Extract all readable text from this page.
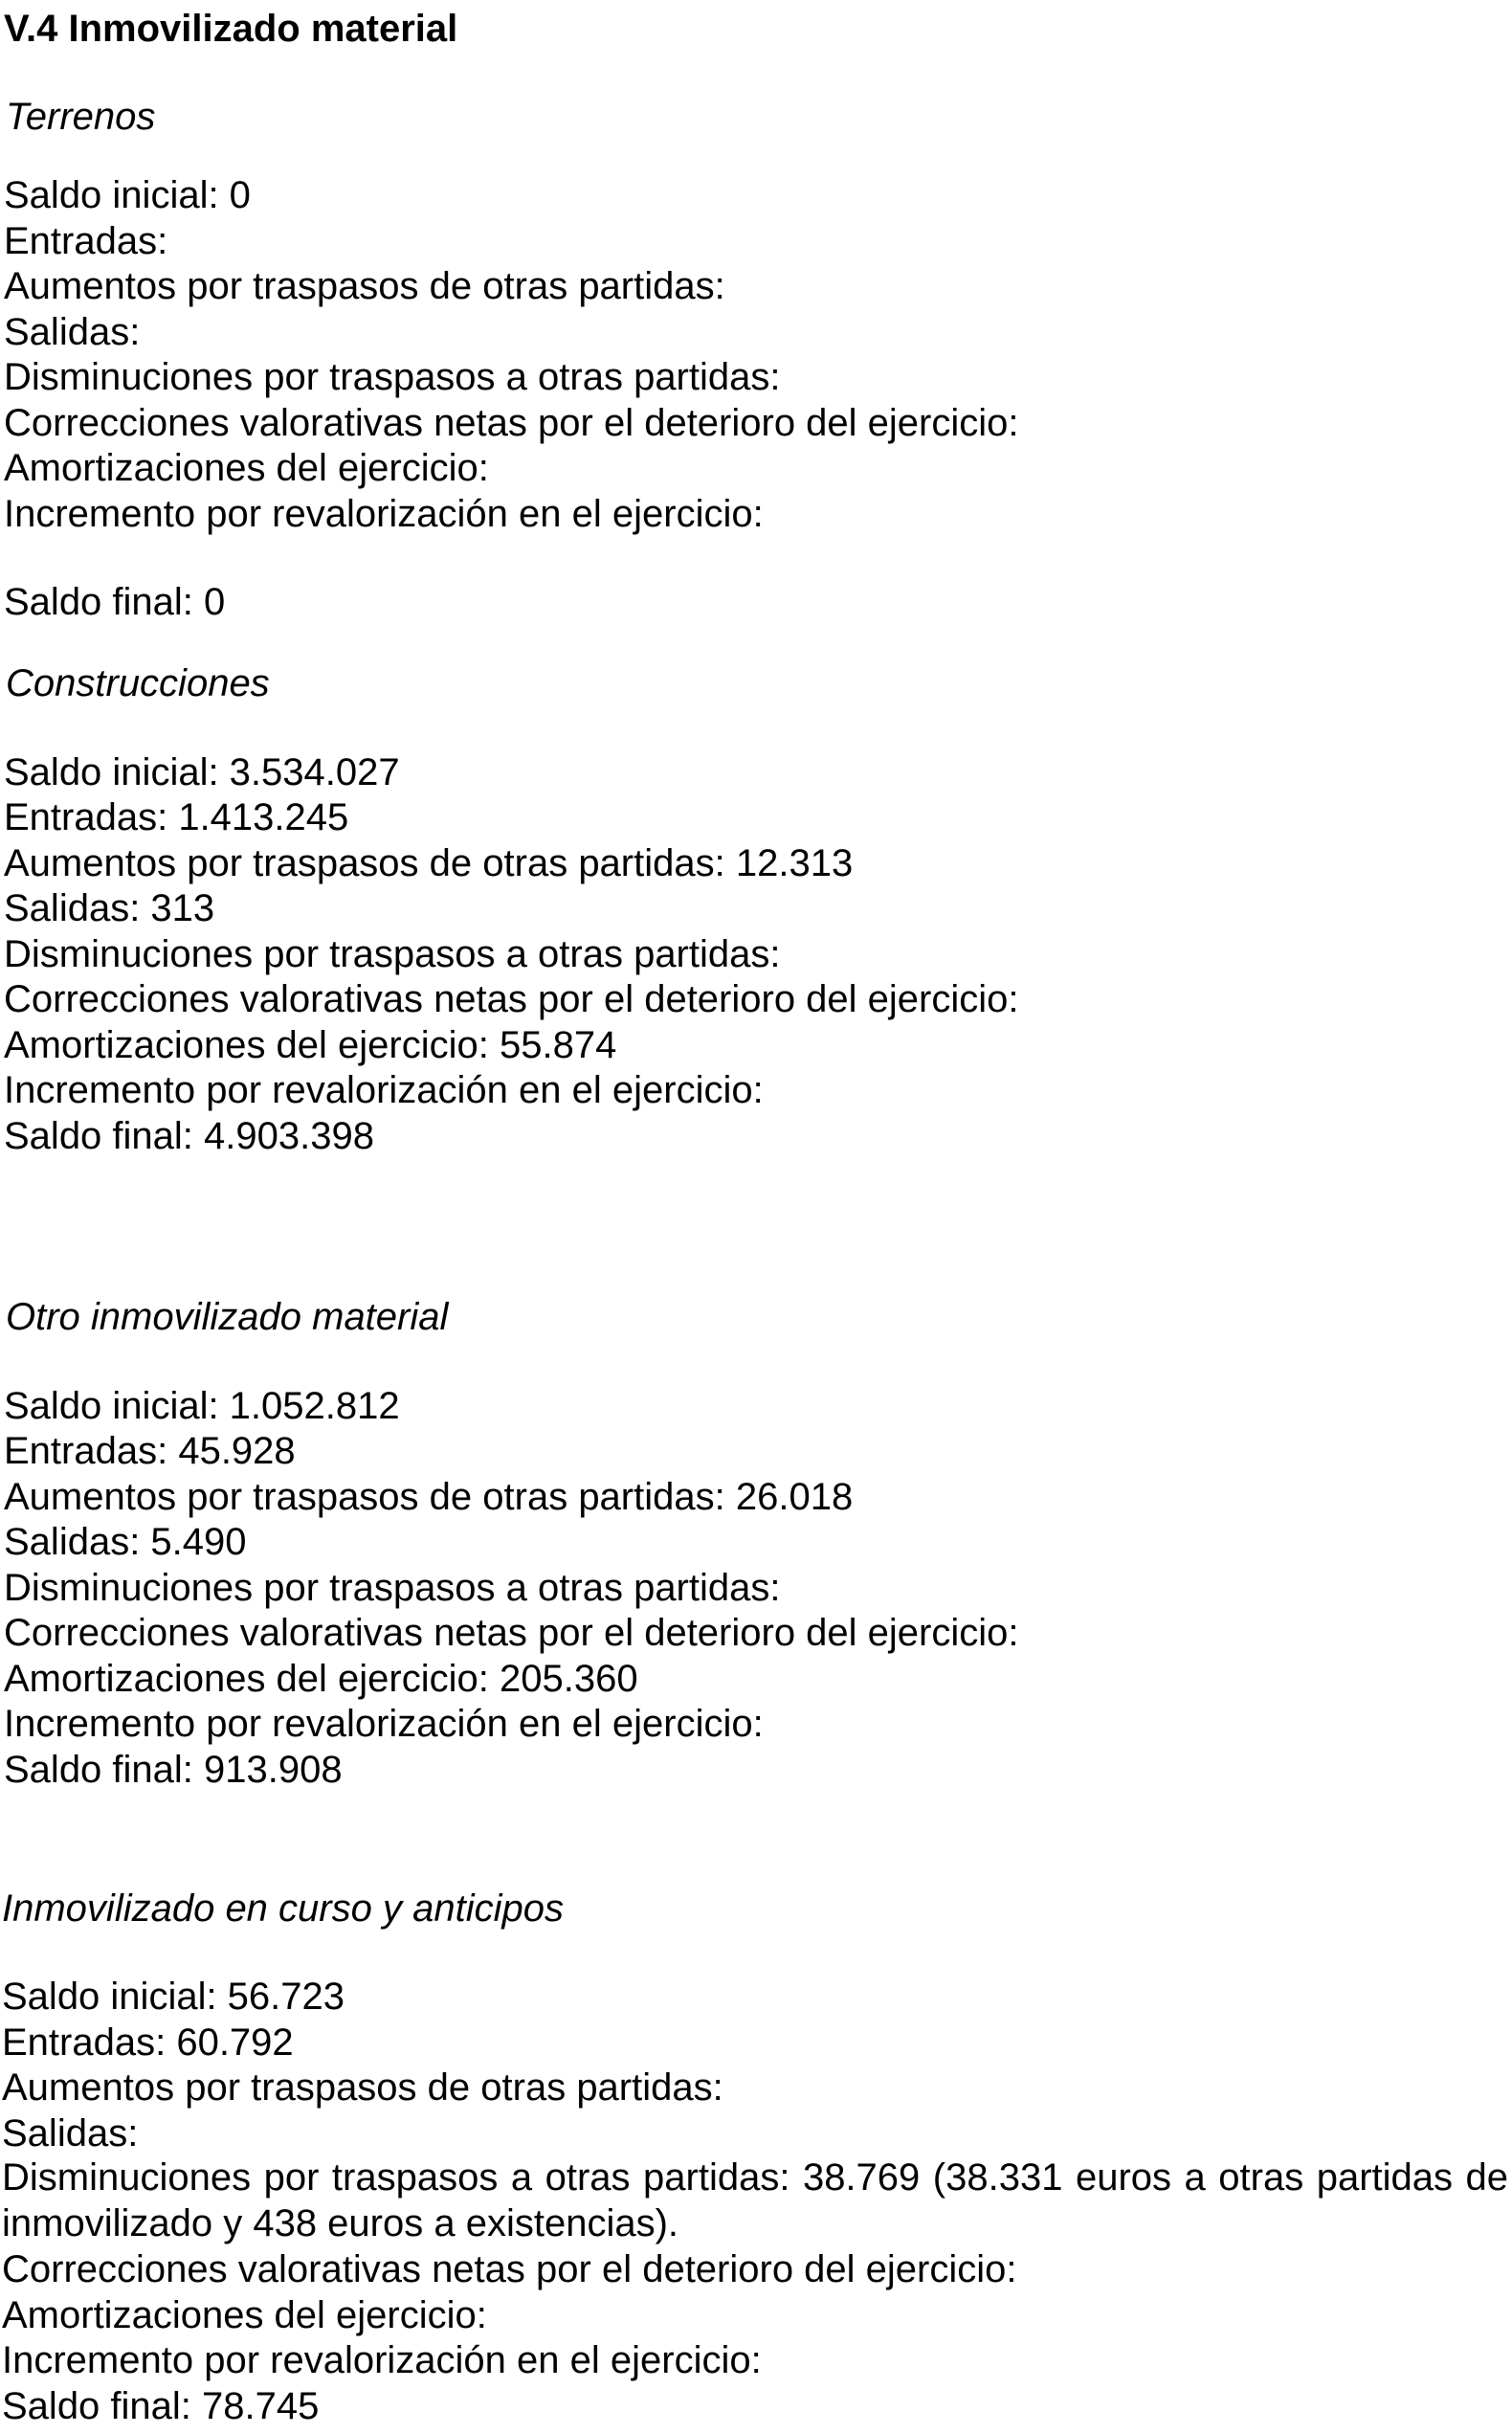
V.4 Inmovilizado material
Terrenos
Saldo inicial: 0
Entradas:
Aumentos por traspasos de otras partidas:
Salidas:
Disminuciones por traspasos a otras partidas:
Correcciones valorativas netas por el deterioro del ejercicio:
Amortizaciones del ejercicio:
Incremento por revalorización en el ejercicio:
Saldo final: 0
Construcciones
Saldo inicial: 3.534.027
Entradas: 1.413.245
Aumentos por traspasos de otras partidas: 12.313
Salidas: 313
Disminuciones por traspasos a otras partidas:
Correcciones valorativas netas por el deterioro del ejercicio:
Amortizaciones del ejercicio: 55.874
Incremento por revalorización en el ejercicio:
Saldo final: 4.903.398
Otro inmovilizado material
Saldo inicial: 1.052.812
Entradas: 45.928
Aumentos por traspasos de otras partidas: 26.018
Salidas: 5.490
Disminuciones por traspasos a otras partidas:
Correcciones valorativas netas por el deterioro del ejercicio:
Amortizaciones del ejercicio: 205.360
Incremento por revalorización en el ejercicio:
Saldo final: 913.908
Inmovilizado en curso y anticipos
Saldo inicial: 56.723
Entradas: 60.792
Aumentos por traspasos de otras partidas:
Salidas:
Disminuciones por traspasos a otras partidas: 38.769 (38.331 euros a otras partidas de inmovilizado y 438 euros a existencias).
Correcciones valorativas netas por el deterioro del ejercicio:
Amortizaciones del ejercicio:
Incremento por revalorización en el ejercicio:
Saldo final: 78.745
